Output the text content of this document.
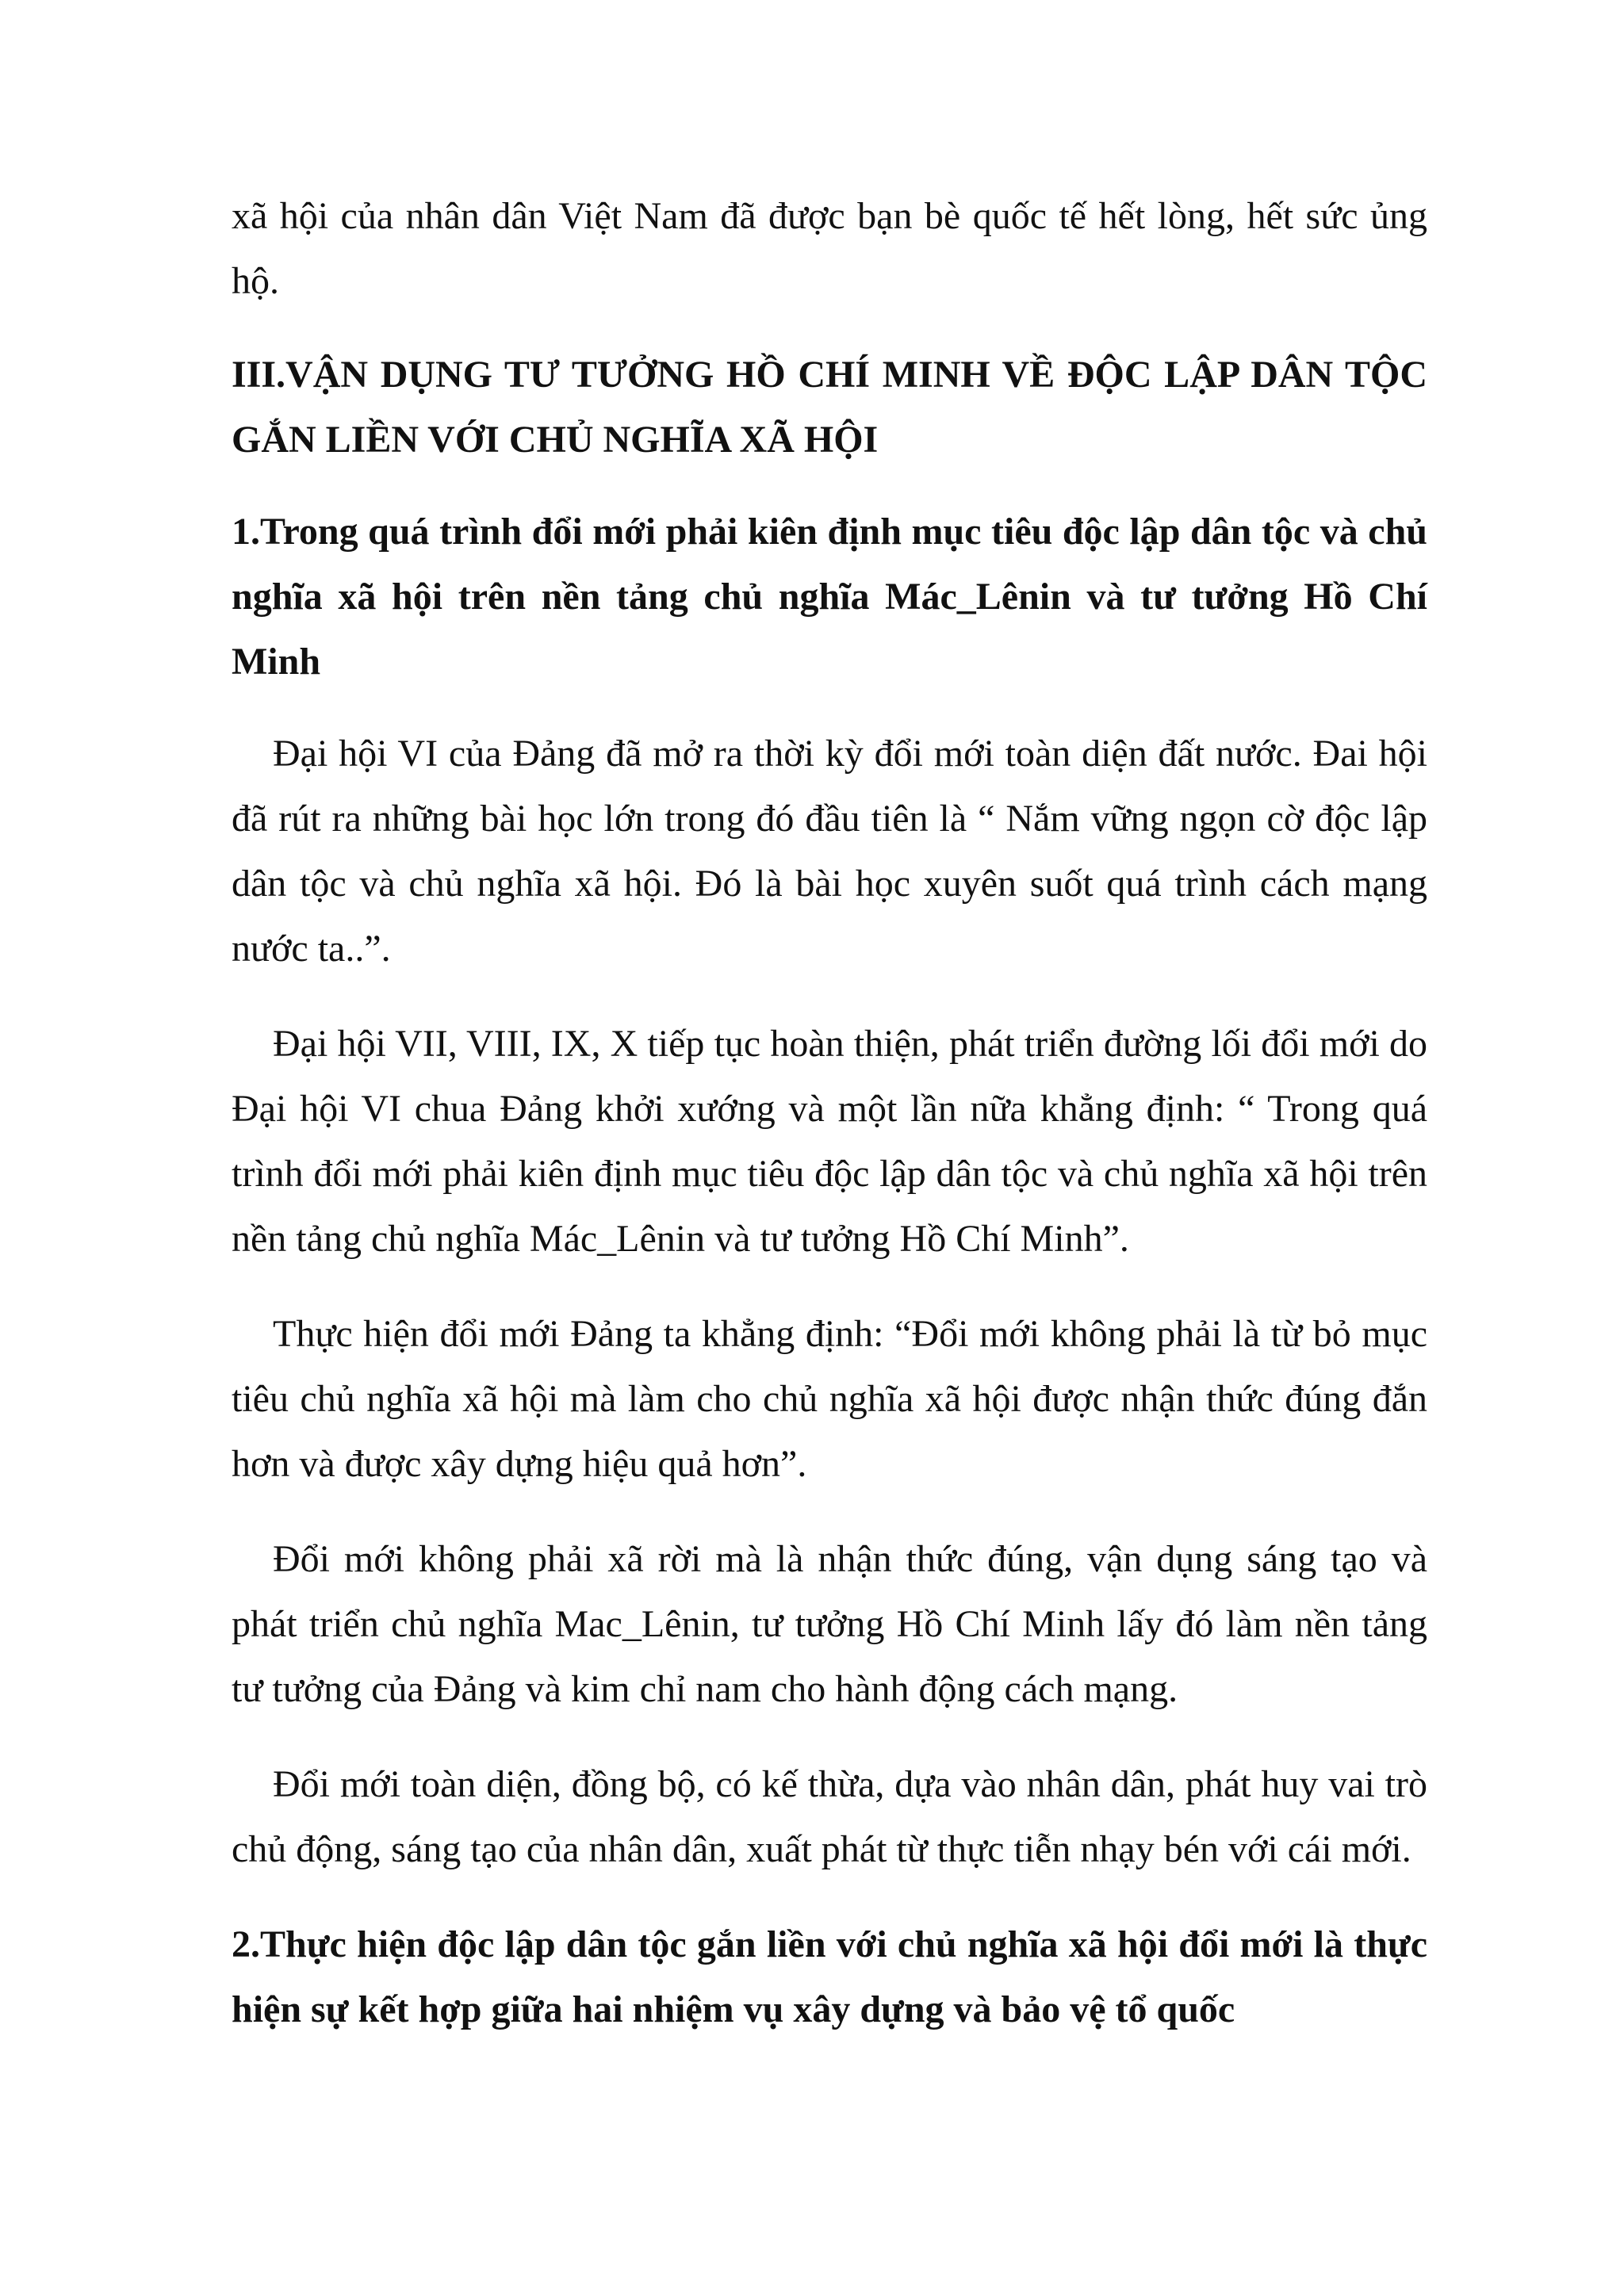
xã hội của nhân dân Việt Nam đã được bạn bè quốc tế hết lòng, hết sức ủng hộ.

III.VẬN DỤNG TƯ TƯỞNG HỒ CHÍ MINH VỀ ĐỘC LẬP DÂN TỘC GẮN LIỀN VỚI CHỦ NGHĨA XÃ HỘI
1.Trong quá trình đổi mới phải kiên định mục tiêu độc lập dân tộc và chủ nghĩa xã hội trên nền tảng chủ nghĩa Mác_Lênin và tư tưởng Hồ Chí Minh

Đại hội VI của Đảng đã mở ra thời kỳ đổi mới toàn diện đất nước. Đai hội đã rút ra những bài học lớn trong đó đầu tiên là “ Nắm vững ngọn cờ độc lập dân tộc và chủ nghĩa xã hội. Đó là bài học xuyên suốt quá trình cách mạng nước ta..”.

Đại hội VII, VIII, IX, X tiếp tục hoàn thiện, phát triển đường lối đổi mới do Đại hội VI chua Đảng khởi xướng và một lần nữa khẳng định: “ Trong quá trình đổi mới phải kiên định mục tiêu độc lập dân tộc và chủ nghĩa xã hội trên nền tảng chủ nghĩa Mác_Lênin và tư tưởng Hồ Chí Minh”.

Thực hiện đổi mới Đảng ta khẳng định: “Đổi mới không phải là từ bỏ mục tiêu chủ nghĩa xã hội mà làm cho chủ nghĩa xã hội được nhận thức đúng đắn hơn và được xây dựng hiệu quả hơn”.

Đổi mới không phải xã rời mà là nhận thức đúng, vận dụng sáng tạo và phát triển chủ nghĩa Mac_Lênin, tư tưởng Hồ Chí Minh lấy đó làm nền tảng tư tưởng của Đảng và kim chỉ nam cho hành động cách mạng.

Đổi mới toàn diện, đồng bộ, có kế thừa, dựa vào nhân dân, phát huy vai trò chủ động, sáng tạo của nhân dân, xuất phát từ thực tiễn nhạy bén với cái mới.

2.Thực hiện độc lập dân tộc gắn liền với chủ nghĩa xã hội đổi mới là thực hiện sự kết hợp giữa hai nhiệm vụ xây dựng và bảo vệ tổ quốc
